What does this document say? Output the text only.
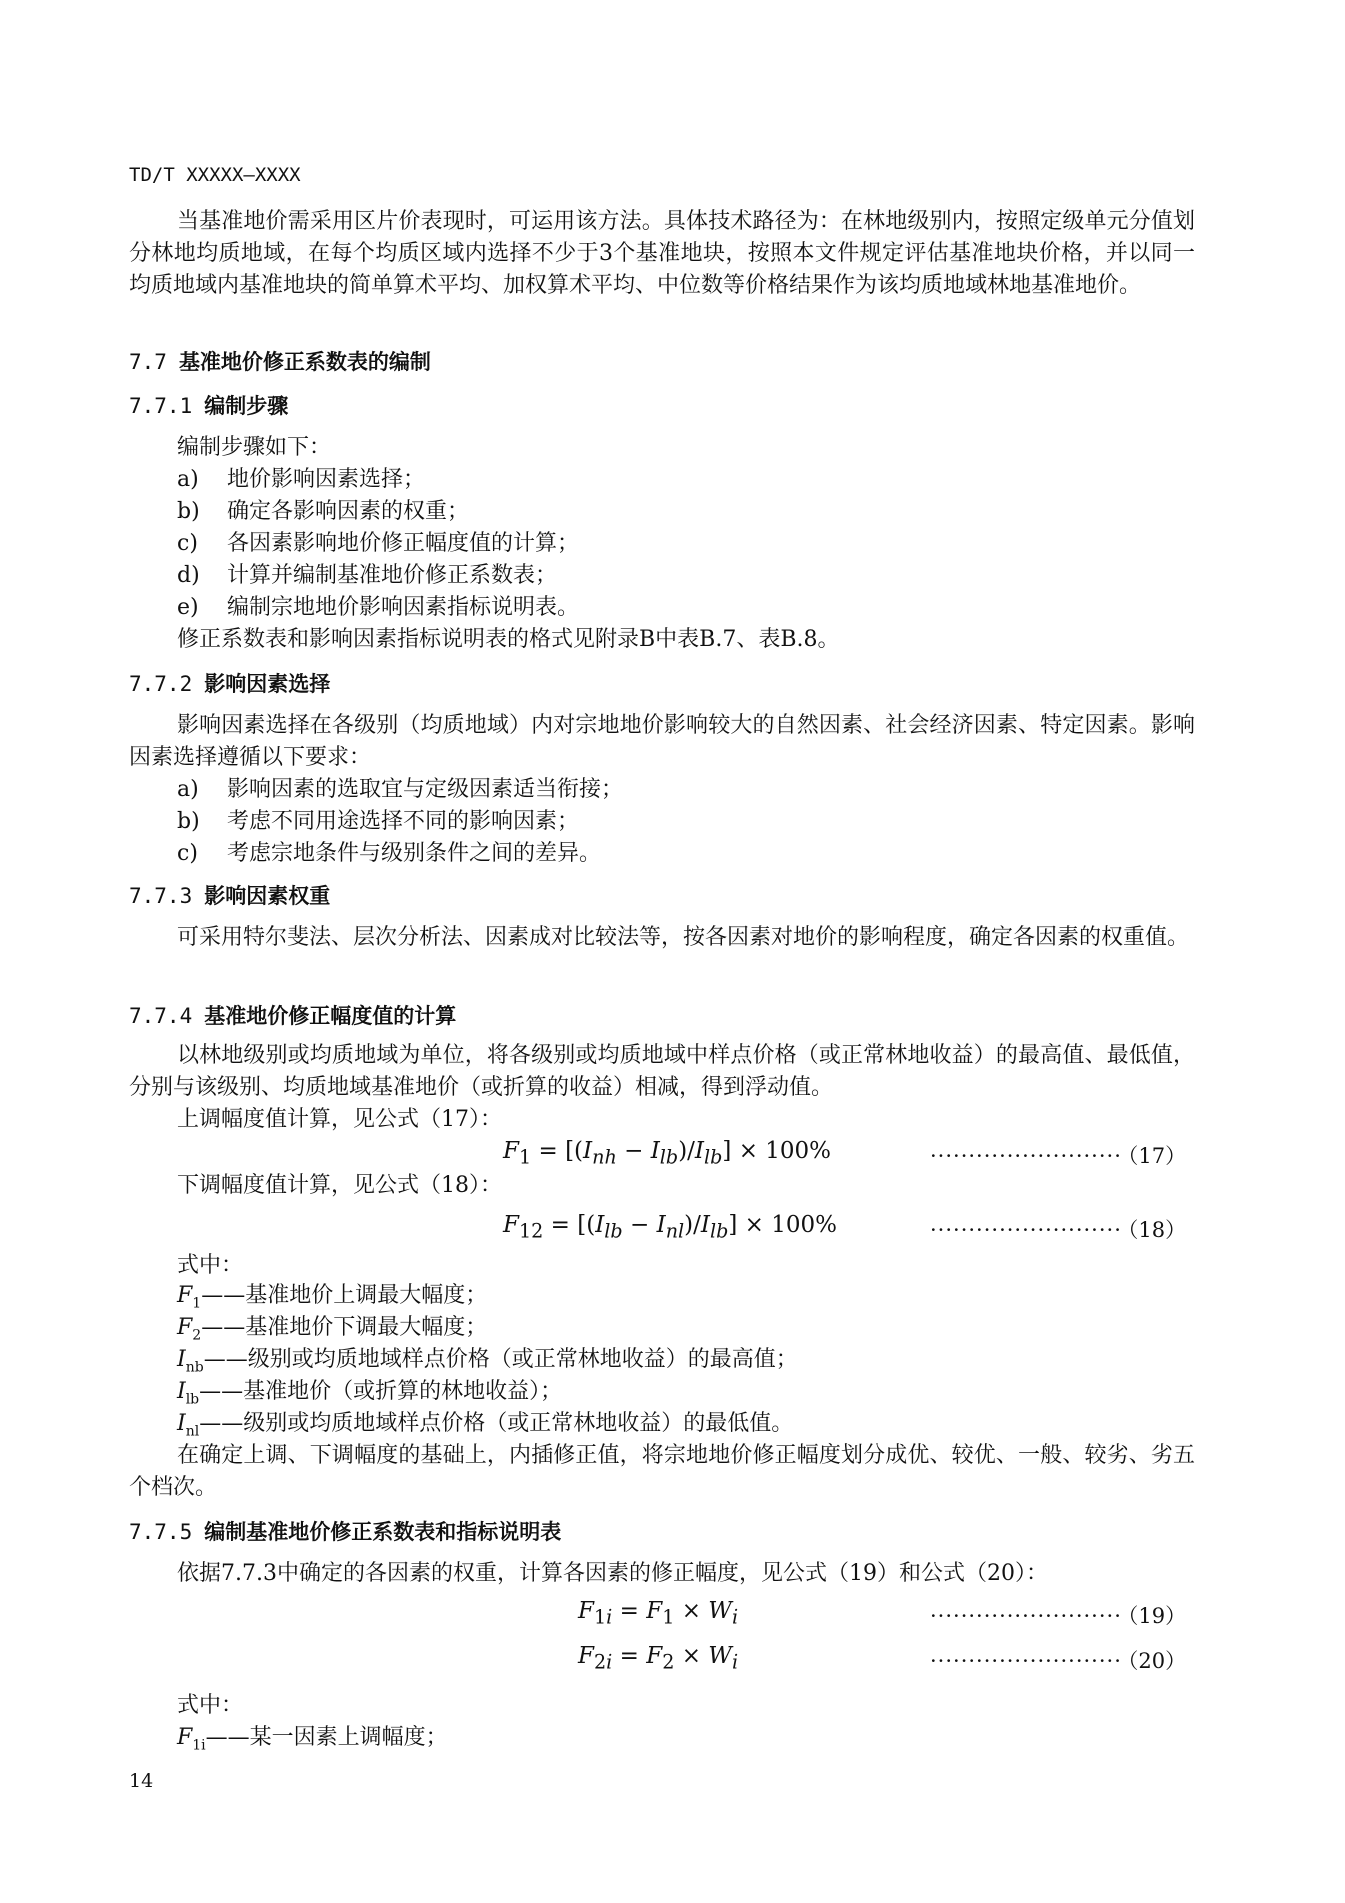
TD/T XXXXX—XXXX

当基准地价需采用区片价表现时，可运用该方法。具体技术路径为：在林地级别内，按照定级单元分值划分林地均质地域，在每个均质区域内选择不少于3个基准地块，按照本文件规定评估基准地块价格，并以同一均质地域内基准地块的简单算术平均、加权算术平均、中位数等价格结果作为该均质地域林地基准地价。

7.7 基准地价修正系数表的编制
7.7.1 编制步骤
编制步骤如下：
a) 地价影响因素选择；
b) 确定各影响因素的权重；
c) 各因素影响地价修正幅度值的计算；
d) 计算并编制基准地价修正系数表；
e) 编制宗地地价影响因素指标说明表。
修正系数表和影响因素指标说明表的格式见附录B中表B.7、表B.8。
7.7.2 影响因素选择

影响因素选择在各级别（均质地域）内对宗地地价影响较大的自然因素、社会经济因素、特定因素。影响因素选择遵循以下要求：

a) 影响因素的选取宜与定级因素适当衔接；
b) 考虑不同用途选择不同的影响因素；
c) 考虑宗地条件与级别条件之间的差异。
7.7.3 影响因素权重

可采用特尔斐法、层次分析法、因素成对比较法等，按各因素对地价的影响程度，确定各因素的权重值。

7.7.4 基准地价修正幅度值的计算

以林地级别或均质地域为单位，将各级别或均质地域中样点价格（或正常林地收益）的最高值、最低值，分别与该级别、均质地域基准地价（或折算的收益）相减，得到浮动值。

上调幅度值计算，见公式（17）：
$F_1 = [(I_{nh} - I_{lb})/I_{lb}] \times 100\%$	························· （17）
下调幅度值计算，见公式（18）：
$F_{12} = [(I_{lb} - I_{nl})/I_{lb}] \times 100\%$	························· （18）
式中：
$F_1——$基准地价上调最大幅度；
$F_2——$基准地价下调最大幅度；
$I_{nb}——$级别或均质地域样点价格（或正常林地收益）的最高值；
$I_{lb}——$基准地价（或折算的林地收益）；
$I_{nl}——$级别或均质地域样点价格（或正常林地收益）的最低值。

在确定上调、下调幅度的基础上，内插修正值，将宗地地价修正幅度划分成优、较优、一般、较劣、劣五个档次。

7.7.5 编制基准地价修正系数表和指标说明表
依据7.7.3中确定的各因素的权重，计算各因素的修正幅度，见公式（19）和公式（20）：
$F_{1i} = F_1 \times W_i$	························· （19）
$F_{2i} = F_2 \times W_i$	························· （20）
式中：
$F_{1i}——$某一因素上调幅度；
14
